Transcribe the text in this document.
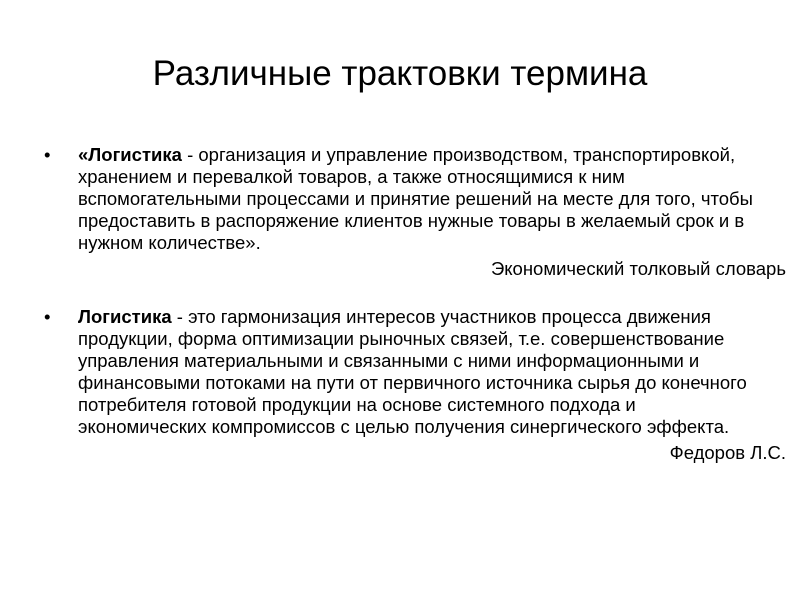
Различные трактовки термина
•	«Логистика - организация и управление производством, транспортировкой, хранением и перевалкой товаров, а также относящимися к ним вспомогательными процессами и принятие решений на месте для того, чтобы предоставить в распоряжение клиентов нужные товары в желаемый срок и в нужном количестве».
Экономический толковый словарь
•	Логистика - это гармонизация интересов участников процесса движения продукции, форма оптимизации рыночных связей, т.е. совершенствование управления материальными и связанными с ними информационными и финансовыми потоками на пути от первичного источника сырья до конечного потребителя готовой продукции на основе системного подхода и экономических компромиссов с целью получения синергического эффекта.
Федоров Л.С.
